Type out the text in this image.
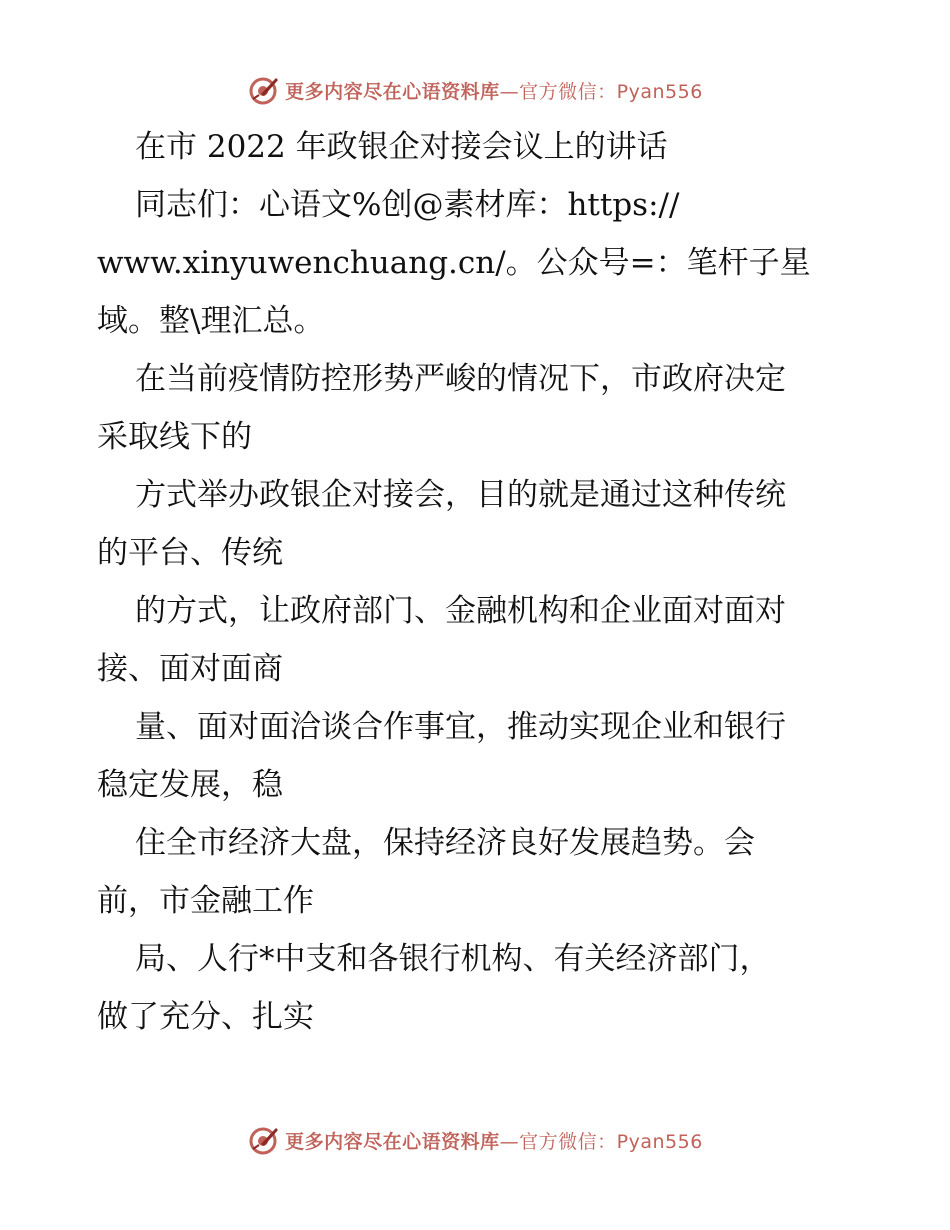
更多内容尽在心语资料库—官方微信：Pyan556
在市 2022 年政银企对接会议上的讲话
同志们：心语文%创@素材库：https://
www.xinyuwenchuang.cn/。公众号=：笔杆子星
域。整\理汇总。
在当前疫情防控形势严峻的情况下，市政府决定
采取线下的
方式举办政银企对接会，目的就是通过这种传统
的平台、传统
的方式，让政府部门、金融机构和企业面对面对
接、面对面商
量、面对面洽谈合作事宜，推动实现企业和银行
稳定发展，稳
住全市经济大盘，保持经济良好发展趋势。会
前，市金融工作
局、人行*中支和各银行机构、有关经济部门，
做了充分、扎实
更多内容尽在心语资料库—官方微信：Pyan556
